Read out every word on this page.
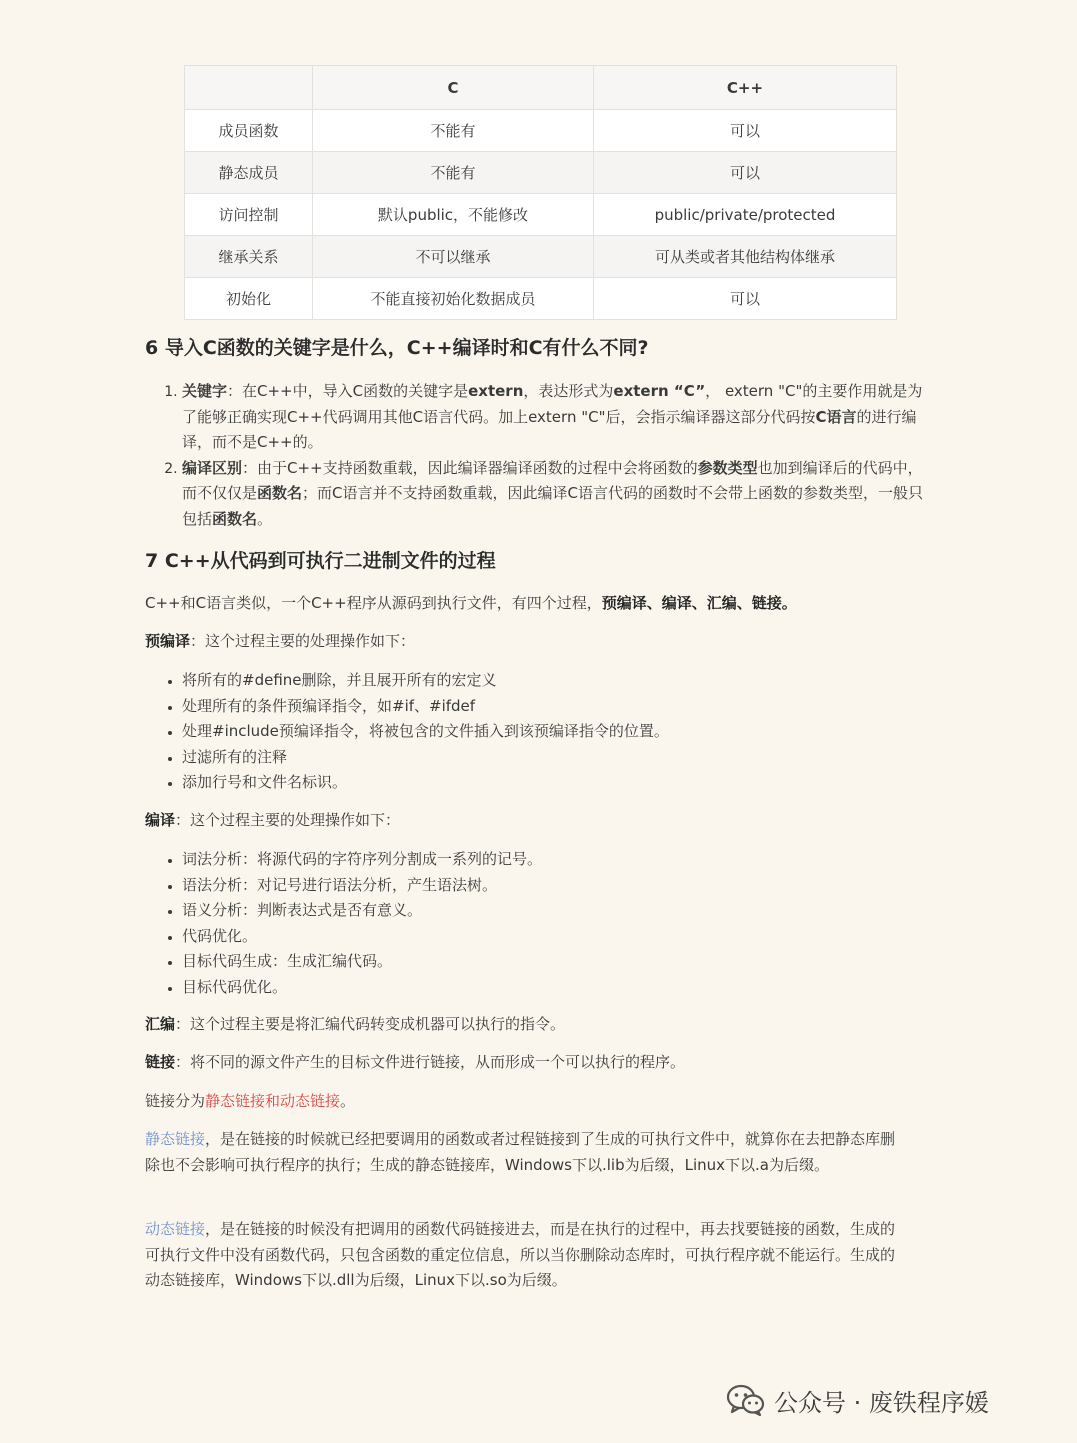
	C	C++
成员函数	不能有	可以
静态成员	不能有	可以
访问控制	默认public，不能修改	public/private/protected
继承关系	不可以继承	可从类或者其他结构体继承
初始化	不能直接初始化数据成员	可以
6 导入C函数的关键字是什么，C++编译时和C有什么不同?
1. 关键字：在C++中，导入C函数的关键字是extern，表达形式为extern “C”， extern "C"的主要作用就是为了能够正确实现C++代码调用其他C语言代码。加上extern "C"后，会指示编译器这部分代码按C语言的进行编译，而不是C++的。
2. 编译区别：由于C++支持函数重载，因此编译器编译函数的过程中会将函数的参数类型也加到编译后的代码中，而不仅仅是函数名；而C语言并不支持函数重载，因此编译C语言代码的函数时不会带上函数的参数类型，一般只包括函数名。
7 C++从代码到可执行二进制文件的过程

C++和C语言类似，一个C++程序从源码到执行文件，有四个过程，预编译、编译、汇编、链接。

预编译：这个过程主要的处理操作如下：

• 将所有的#define删除，并且展开所有的宏定义
• 处理所有的条件预编译指令，如#if、#ifdef
• 处理#include预编译指令，将被包含的文件插入到该预编译指令的位置。
• 过滤所有的注释
• 添加行号和文件名标识。

编译：这个过程主要的处理操作如下：

• 词法分析：将源代码的字符序列分割成一系列的记号。
• 语法分析：对记号进行语法分析，产生语法树。
• 语义分析：判断表达式是否有意义。
• 代码优化。
• 目标代码生成：生成汇编代码。
• 目标代码优化。

汇编：这个过程主要是将汇编代码转变成机器可以执行的指令。

链接：将不同的源文件产生的目标文件进行链接，从而形成一个可以执行的程序。

链接分为静态链接和动态链接。

静态链接，是在链接的时候就已经把要调用的函数或者过程链接到了生成的可执行文件中，就算你在去把静态库删除也不会影响可执行程序的执行；生成的静态链接库，Windows下以.lib为后缀，Linux下以.a为后缀。

动态链接，是在链接的时候没有把调用的函数代码链接进去，而是在执行的过程中，再去找要链接的函数，生成的可执行文件中没有函数代码，只包含函数的重定位信息，所以当你删除动态库时，可执行程序就不能运行。生成的动态链接库，Windows下以.dll为后缀，Linux下以.so为后缀。

公众号 · 废铁程序媛
